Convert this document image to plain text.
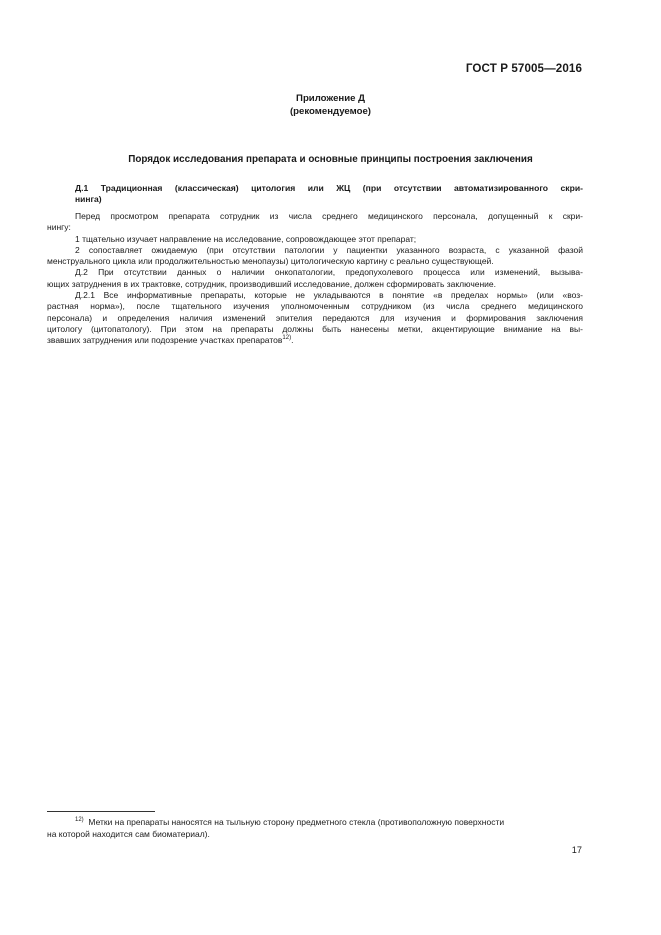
ГОСТ Р 57005—2016
Приложение Д
(рекомендуемое)
Порядок исследования препарата и основные принципы построения заключения
Д.1 Традиционная (классическая) цитология или ЖЦ (при отсутствии автоматизированного скри-
нинга)
Перед просмотром препарата сотрудник из числа среднего медицинского персонала, допущенный к скри-
нингу:
1 тщательно изучает направление на исследование, сопровождающее этот препарат;
2 сопоставляет ожидаемую (при отсутствии патологии у пациентки указанного возраста, с указанной фазой
менструального цикла или продолжительностью менопаузы) цитологическую картину с реально существующей.
Д.2 При отсутствии данных о наличии онкопатологии, предопухолевого процесса или изменений, вызыва-
ющих затруднения в их трактовке, сотрудник, производивший исследование, должен сформировать заключение.
Д.2.1 Все информативные препараты, которые не укладываются в понятие «в пределах нормы» (или «воз-
растная норма»), после тщательного изучения уполномоченным сотрудником (из числа среднего медицинского
персонала) и определения наличия изменений эпителия передаются для изучения и формирования заключения
цитологу (цитопатологу). При этом на препараты должны быть нанесены метки, акцентирующие внимание на вы-
звавших затруднения или подозрение участках препаратов$^{12)}$.
$^{12)}$ Метки на препараты наносятся на тыльную сторону предметного стекла (противоположную поверхности
на которой находится сам биоматериал).
17
